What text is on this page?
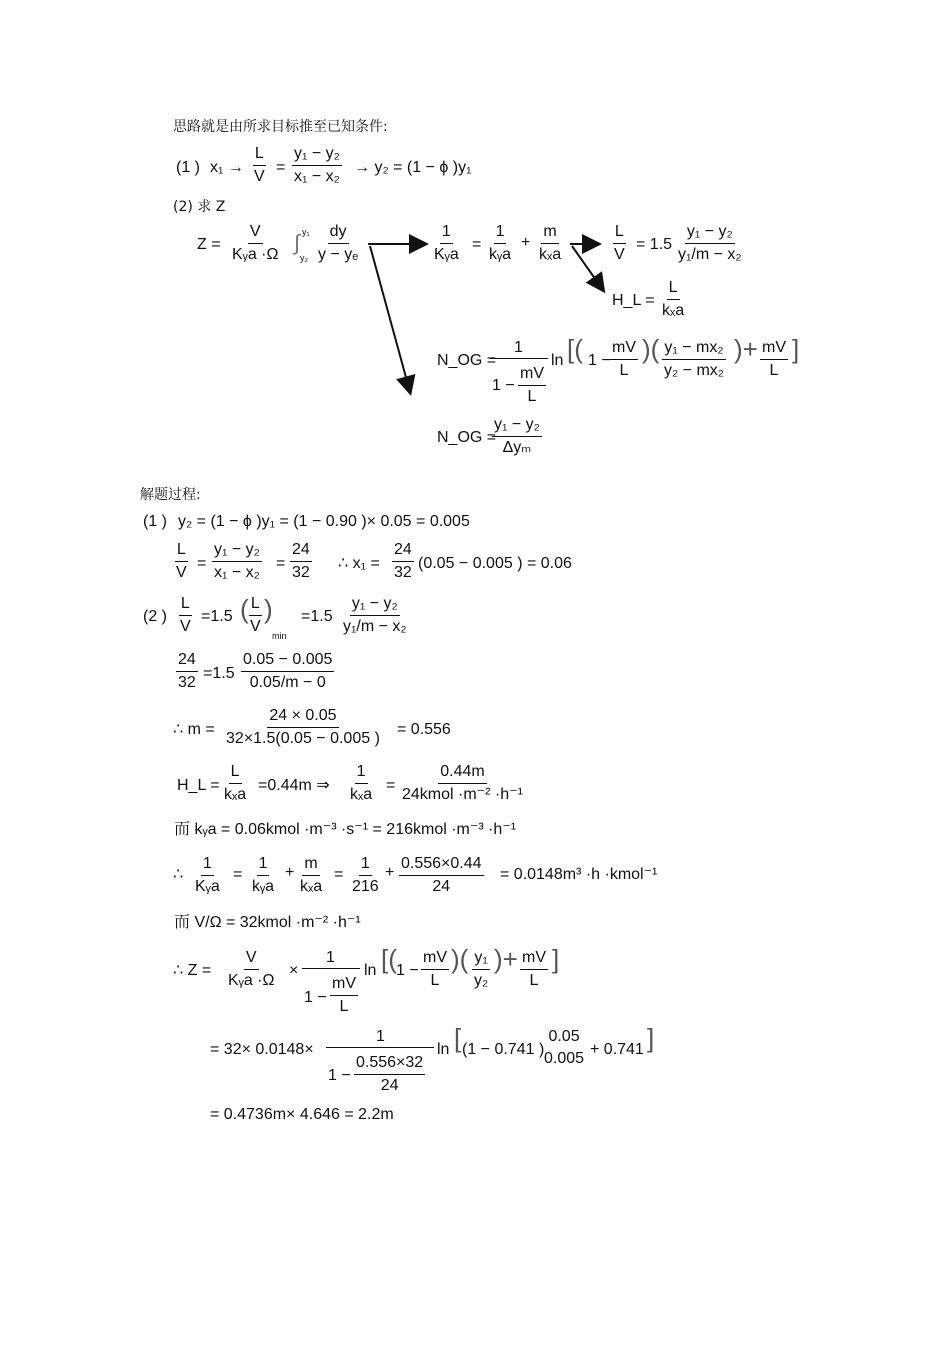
思路就是由所求目标推至已知条件:
(1 ) x₁ →
L
V
=
y₁ − y₂
x₁ − x₂
→ y₂ = (1 − ϕ )y₁
(2) 求 Z
Z =
V
Kᵧa ·Ω ∫ y₁
y₂
dy
y − yₑ
1
Kᵧa
=
1
kᵧa
+
m
kₓa
L
V
= 1.5
y₁ − y₂
y₁/m − x₂
H_L =
L
kₓa
N_OG =
1
1 −
mV
L
ln [( 1 −
mV
L
)( y₁ − mx₂
y₂ − mx₂
)+ mV
L
]
N_OG =
y₁ − y₂
Δyₘ
解题过程:
(1 ) y₂ = (1 − ϕ )y₁ = (1 − 0.90 )× 0.05 = 0.005
L
V
=
y₁ − y₂
x₁ − x₂
=
24
32
∴ x₁ =
24
32
(0.05 − 0.005 ) = 0.06
(2 )
L
V
=1.5 ( L
V
)
min
=1.5
y₁ − y₂
y₁/m − x₂
24
32
=1.5
0.05 − 0.005
0.05/m − 0
∴ m =
24 × 0.05
32×1.5(0.05 − 0.005 )
= 0.556
H_L =
L
kₓa
=0.44m ⇒
1
kₓa
=
0.44m
24kmol ·m⁻² ·h⁻¹
而 kᵧa = 0.06kmol ·m⁻³ ·s⁻¹ = 216kmol ·m⁻³ ·h⁻¹
∴
1
Kᵧa
=
1
kᵧa
+
m
kₓa
=
1
216
+
0.556×0.44
24
= 0.0148m³ ·h ·kmol⁻¹
而 V/Ω = 32kmol ·m⁻² ·h⁻¹
∴ Z =
V
Kᵧa ·Ω
×
1
1 −
mV
L
ln [( 1 −
mV
L
)( y₁
y₂
)+ mV
L
]
= 32× 0.0148×
1
1 −
0.556×32
24
ln [ (1 − 0.741 )
0.05
0.005
+ 0.741 ]
= 0.4736m× 4.646 = 2.2m
